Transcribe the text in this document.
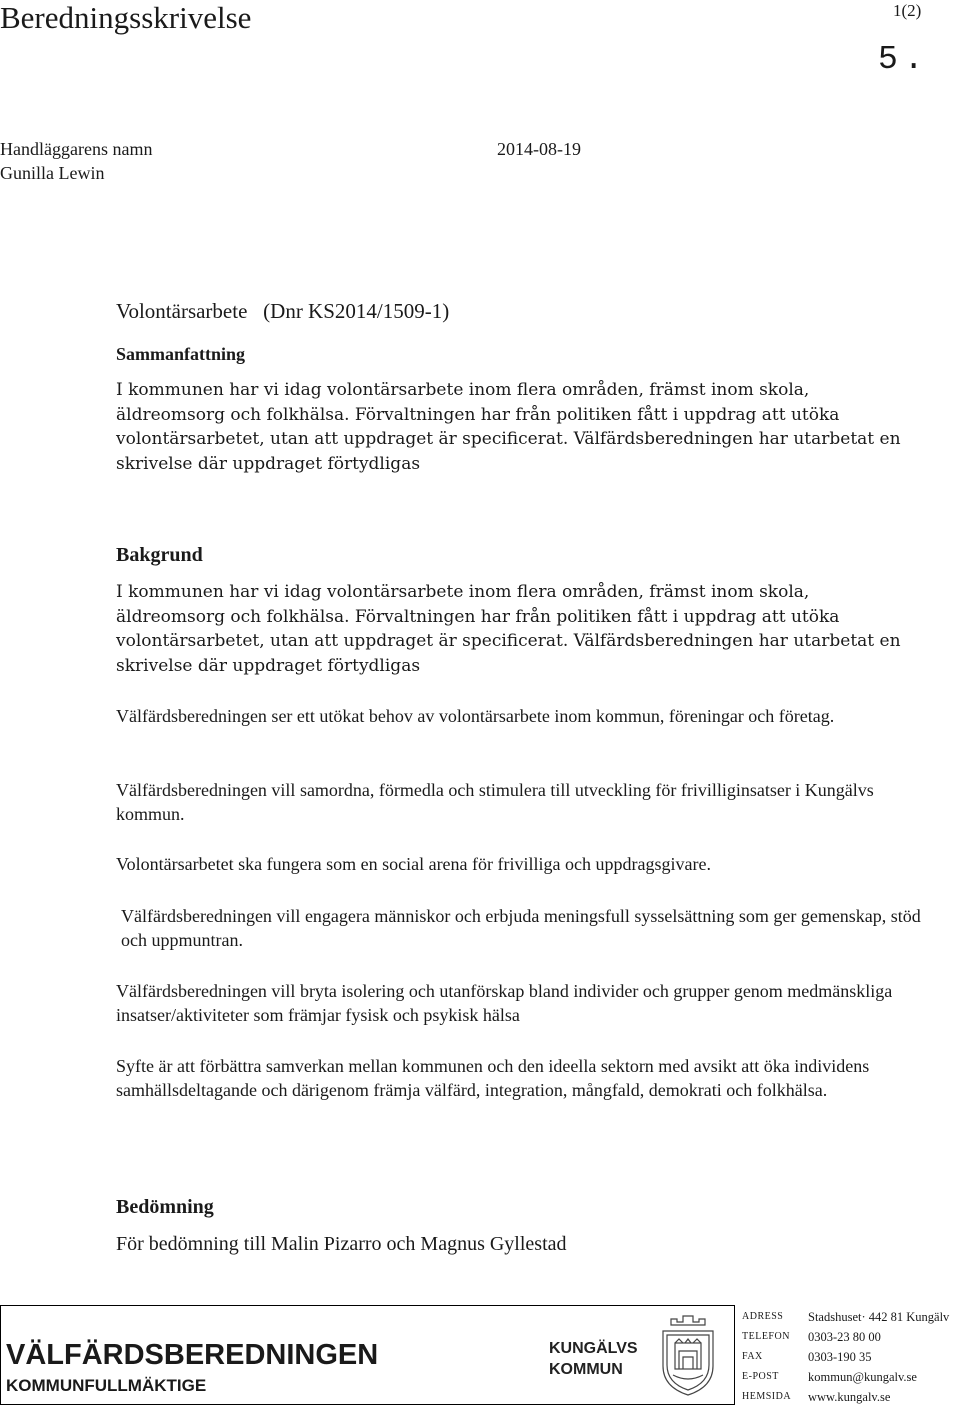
Beredningsskrivelse	1(2)
5.
Handläggarens namn
Gunilla Lewin
2014-08-19
Volontärsarbete   (Dnr KS2014/1509-1)
Sammanfattning
I kommunen har vi idag volontärsarbete inom flera områden, främst inom skola, äldreomsorg och folkhälsa. Förvaltningen har från politiken fått i uppdrag att utöka volontärsarbetet, utan att uppdraget är specificerat. Välfärdsberedningen har utarbetat en skrivelse där uppdraget förtydligas
Bakgrund
I kommunen har vi idag volontärsarbete inom flera områden, främst inom skola, äldreomsorg och folkhälsa. Förvaltningen har från politiken fått i uppdrag att utöka volontärsarbetet, utan att uppdraget är specificerat. Välfärdsberedningen har utarbetat en skrivelse där uppdraget förtydligas
Välfärdsberedningen ser ett utökat behov av volontärsarbete inom kommun, föreningar och företag.
Välfärdsberedningen vill samordna, förmedla och stimulera till utveckling för frivilliginsatser i Kungälvs kommun.
Volontärsarbetet ska fungera som en social arena för frivilliga och uppdragsgivare.
Välfärdsberedningen vill engagera människor och erbjuda meningsfull sysselsättning som ger gemenskap, stöd och uppmuntran.
Välfärdsberedningen vill bryta isolering och utanförskap bland individer och grupper genom medmänskliga insatser/aktiviteter som främjar fysisk och psykisk hälsa
Syfte är att förbättra samverkan mellan kommunen och den ideella sektorn med avsikt att öka individens samhällsdeltagande och därigenom främja välfärd, integration, mångfald, demokrati och folkhälsa.
Bedömning
För bedömning till Malin Pizarro och Magnus Gyllestad
VÄLFÄRDSBEREDNINGEN
KOMMUNFULLMÄKTIGE
KUNGÄLVS
KOMMUN
ADRESS Stadshuset· 442 81 Kungälv
TELEFON 0303-23 80 00
FAX	0303-190 35
E-POST kommun@kungalv.se
HEMSIDA www.kungalv.se
